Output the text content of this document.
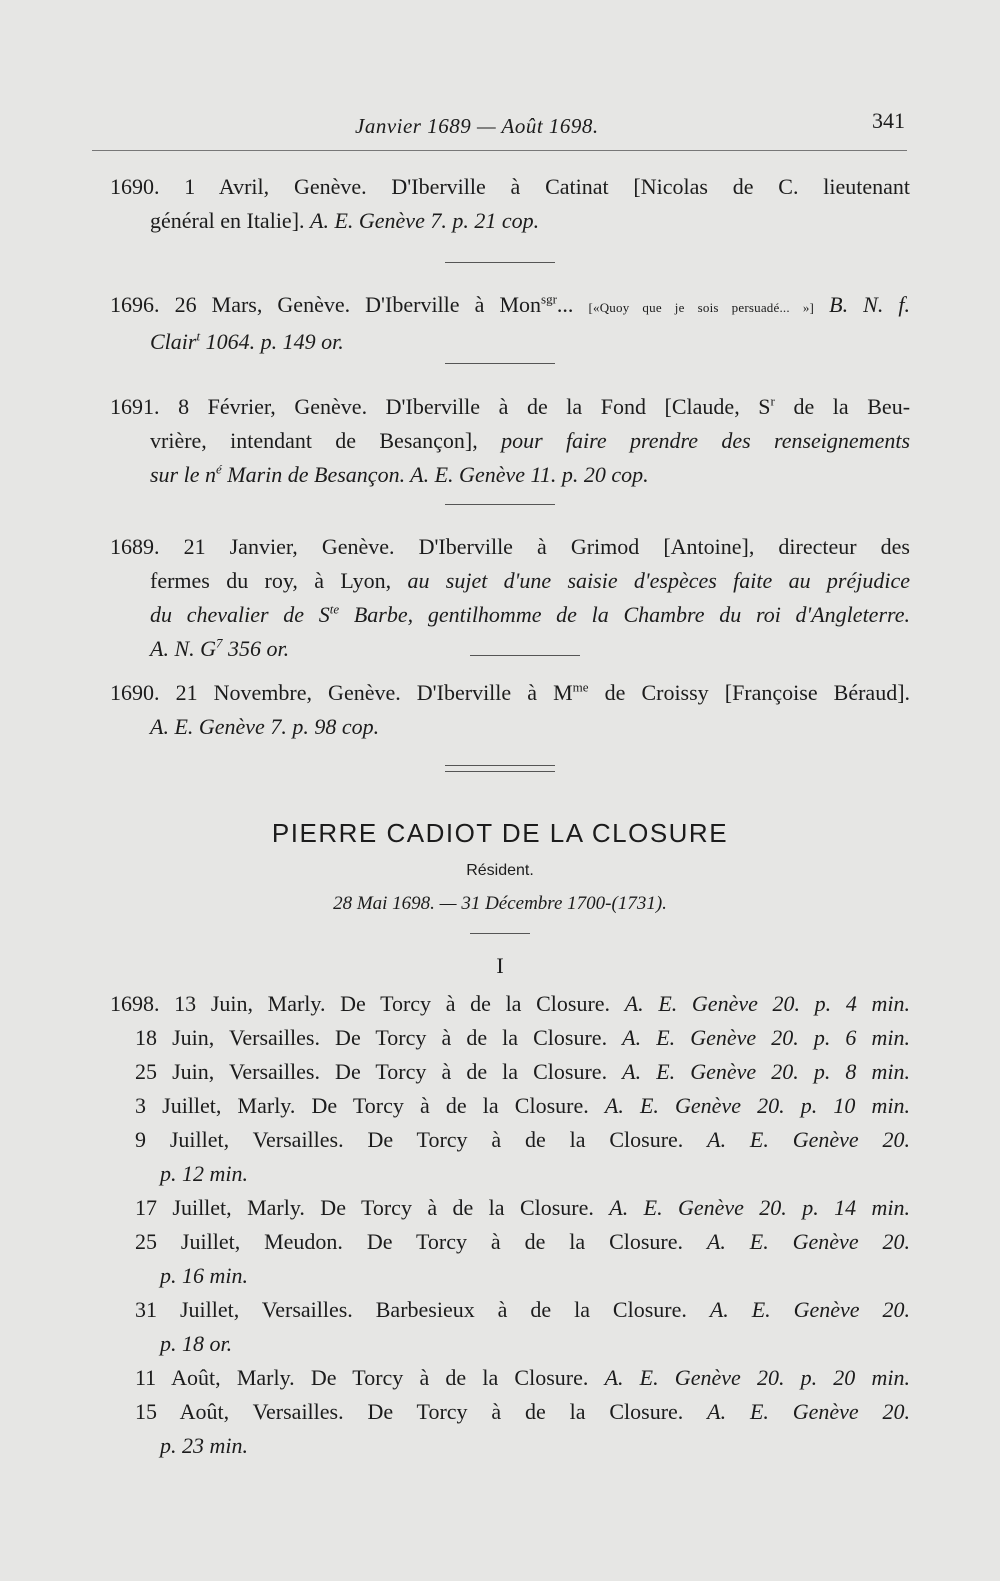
Janvier 1689 — Août 1698.	341
1690. 1 Avril, Genève. D'Iberville à Catinat [Nicolas de C. lieutenant
général en Italie]. A. E. Genève 7. p. 21 cop.
1696. 26 Mars, Genève. D'Iberville à Mon$^{sgr}$... [«Quoy que je sois persuadé... »] B. N. f.
Clair$^t$ 1064. p. 149 or.
1691. 8 Février, Genève. D'Iberville à de la Fond [Claude, $S^r$ de la Beu-
vrière, intendant de Besançon], pour faire prendre des renseignements
sur le $n^é$ Marin de Besançon. A. E. Genève 11. p. 20 cop.
1689. 21 Janvier, Genève. D'Iberville à Grimod [Antoine], directeur des
fermes du roy, à Lyon, au sujet d'une saisie d'espèces faite au préjudice
du chevalier de $S^{te}$ Barbe, gentilhomme de la Chambre du roi d'Angleterre.
A. N. $G^7$ 356 or.
1690. 21 Novembre, Genève. D'Iberville à $M^{me}$ de Croissy [Françoise Béraud].
A. E. Genève 7. p. 98 cop.
PIERRE CADIOT DE LA CLOSURE
Résident.
28 Mai 1698. — 31 Décembre 1700-(1731).
I
1698. 13 Juin, Marly. De Torcy à de la Closure. A. E. Genève 20. p. 4 min.
18 Juin, Versailles. De Torcy à de la Closure. A. E. Genève 20. p. 6 min.
25 Juin, Versailles. De Torcy à de la Closure. A. E. Genève 20. p. 8 min.
3 Juillet, Marly. De Torcy à de la Closure. A. E. Genève 20. p. 10 min.
9 Juillet, Versailles. De Torcy à de la Closure. A. E. Genève 20.
p. 12 min.
17 Juillet, Marly. De Torcy à de la Closure. A. E. Genève 20. p. 14 min.
25 Juillet, Meudon. De Torcy à de la Closure. A. E. Genève 20.
p. 16 min.
31 Juillet, Versailles. Barbesieux à de la Closure. A. E. Genève 20.
p. 18 or.
11 Août, Marly. De Torcy à de la Closure. A. E. Genève 20. p. 20 min.
15 Août, Versailles. De Torcy à de la Closure. A. E. Genève 20.
p. 23 min.
